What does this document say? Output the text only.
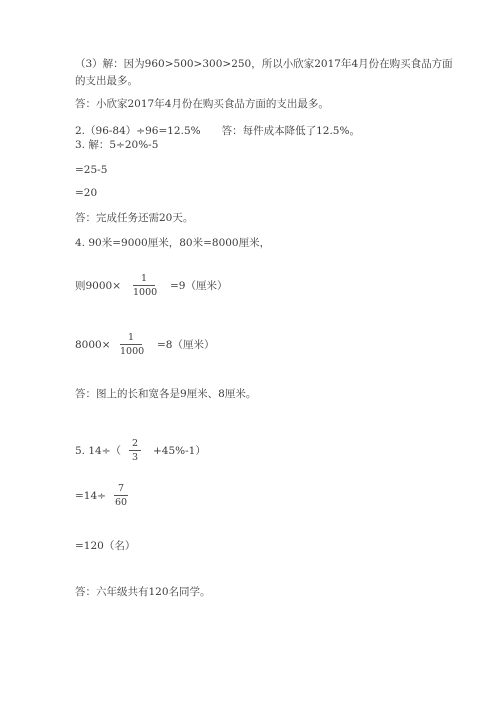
（3）解：因为960>500>300>250，所以小欣家2017年4月份在购买食品方面
的支出最多。
答：小欣家2017年4月份在购买食品方面的支出最多。
2.（96-84）÷96=12.5%　　答：每件成本降低了12.5%。
3. 解：5÷20%-5
=25-5
=20
答：完成任务还需20天。
4. 90米=9000厘米，80米=8000厘米，
则9000×
1
1000
=9（厘米）
8000×
1
1000
=8（厘米）
答：图上的长和宽各是9厘米、8厘米。
5. 14÷（
2
3
+45%-1）
=14÷
7
60
=120（名）
答：六年级共有120名同学。
